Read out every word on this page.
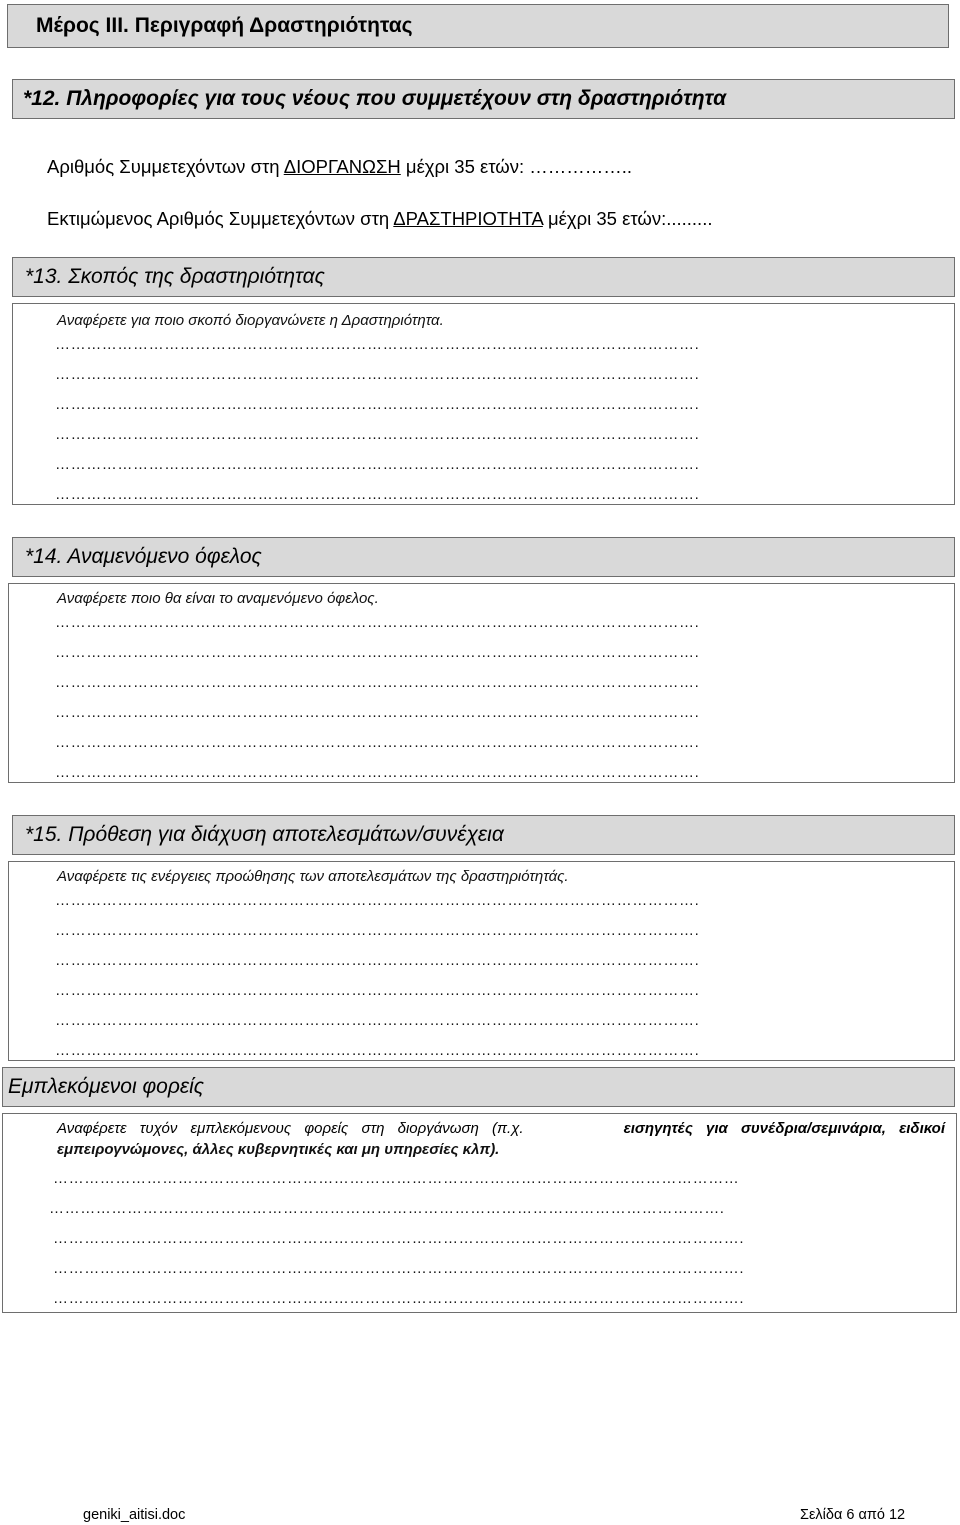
Μέρος ΙΙΙ. Περιγραφή Δραστηριότητας
*12. Πληροφορίες για τους νέους που συμμετέχουν στη δραστηριότητα
Αριθμός Συμμετεχόντων στη ΔΙΟΡΓΑΝΩΣΗ μέχρι 35 ετών: ……………..
Εκτιμώμενος Αριθμός Συμμετεχόντων στη ΔΡΑΣΤΗΡΙΟΤΗΤΑ μέχρι 35 ετών:.........
*13. Σκοπός της δραστηριότητας
Αναφέρετε για ποιο σκοπό διοργανώνετε η Δραστηριότητα.
…………………………………………………………………………………………………………….
…………………………………………………………………………………………………………….
…………………………………………………………………………………………………………….
…………………………………………………………………………………………………………….
…………………………………………………………………………………………………………….
…………………………………………………………………………………………………………….
*14. Αναμενόμενο όφελος
Αναφέρετε ποιο θα είναι το αναμενόμενο όφελος.
…………………………………………………………………………………………………………….
…………………………………………………………………………………………………………….
…………………………………………………………………………………………………………….
…………………………………………………………………………………………………………….
…………………………………………………………………………………………………………….
…………………………………………………………………………………………………………….
*15. Πρόθεση για διάχυση αποτελεσμάτων/συνέχεια
Αναφέρετε τις ενέργειες προώθησης των αποτελεσμάτων της δραστηριότητάς.
…………………………………………………………………………………………………………….
…………………………………………………………………………………………………………….
…………………………………………………………………………………………………………….
…………………………………………………………………………………………………………….
…………………………………………………………………………………………………………….
…………………………………………………………………………………………………………….
Εμπλεκόμενοι φορείς
Αναφέρετε τυχόν εμπλεκόμενους φορείς στη διοργάνωση (π.χ.	εισηγητές για συνέδρια/σεμινάρια, ειδικοί
εμπειρογνώμονες, άλλες κυβερνητικές και μη υπηρεσίες κλπ).
……………………………………………………………………………………………………………………
………………………………………………………………………………………………………………….
…………………………………………………………………………………………………………………….
…………………………………………………………………………………………………………………….
…………………………………………………………………………………………………………………….
geniki_aitisi.doc	Σελίδα 6 από 12
